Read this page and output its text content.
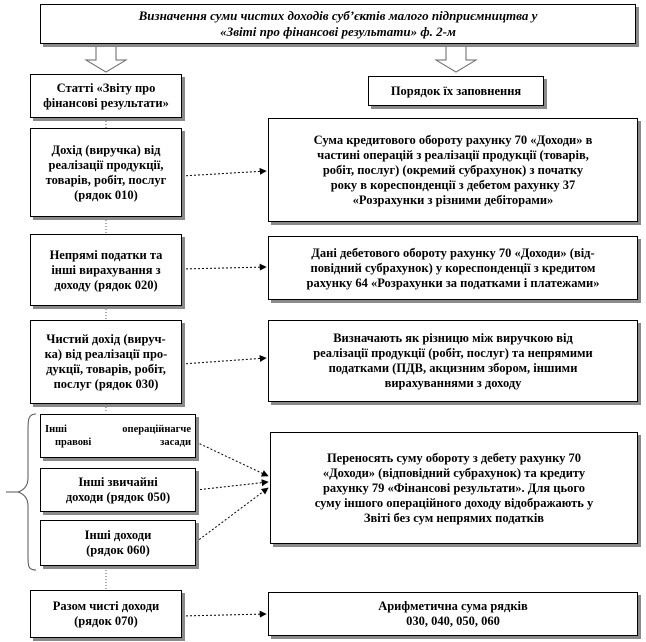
Визначення суми чистих доходів суб’єктів малого підприємництва у
«Звіті про фінансові результати» ф. 2-м
Статті «Звіту про
фінансові результати»
Порядок їх заповнення
Дохід (виручка) від
реалізації продукції,
товарів, робіт, послуг
(рядок 010)
Непрямі податки та
інші вирахування з
доходу (рядок 020)
Чистий дохід (вируч-
ка) від реалізації про-
дукції, товарів, робіт,
послуг (рядок 030)
Інші операційнагче
правові засади
Інші звичайні
доходи (рядок 050)
Інші доходи
(рядок 060)
Разом чисті доходи
(рядок 070)
Сума кредитового обороту рахунку 70 «Доходи» в
частині операцій з реалізації продукції (товарів,
робіт, послуг) (окремий субрахунок) з початку
року в кореспонденції з дебетом рахунку 37
«Розрахунки з різними дебіторами»
Дані дебетового обороту рахунку 70 «Доходи» (від-
повідний субрахунок) у кореспонденції з кредитом
рахунку 64 «Розрахунки за податками і платежами»
Визначають як різницю між виручкою від
реалізації продукції (робіт, послуг) та непрямими
податками (ПДВ, акцизним збором, іншими
вирахуваннями з доходу
Переносять суму обороту з дебету рахунку 70
«Доходи» (відповідний субрахунок) та кредиту
рахунку 79 «Фінансові результати». Для цього
суму іншого операційного доходу відображають у
Звіті без сум непрямих податків
Арифметична сума рядків
030, 040, 050, 060
